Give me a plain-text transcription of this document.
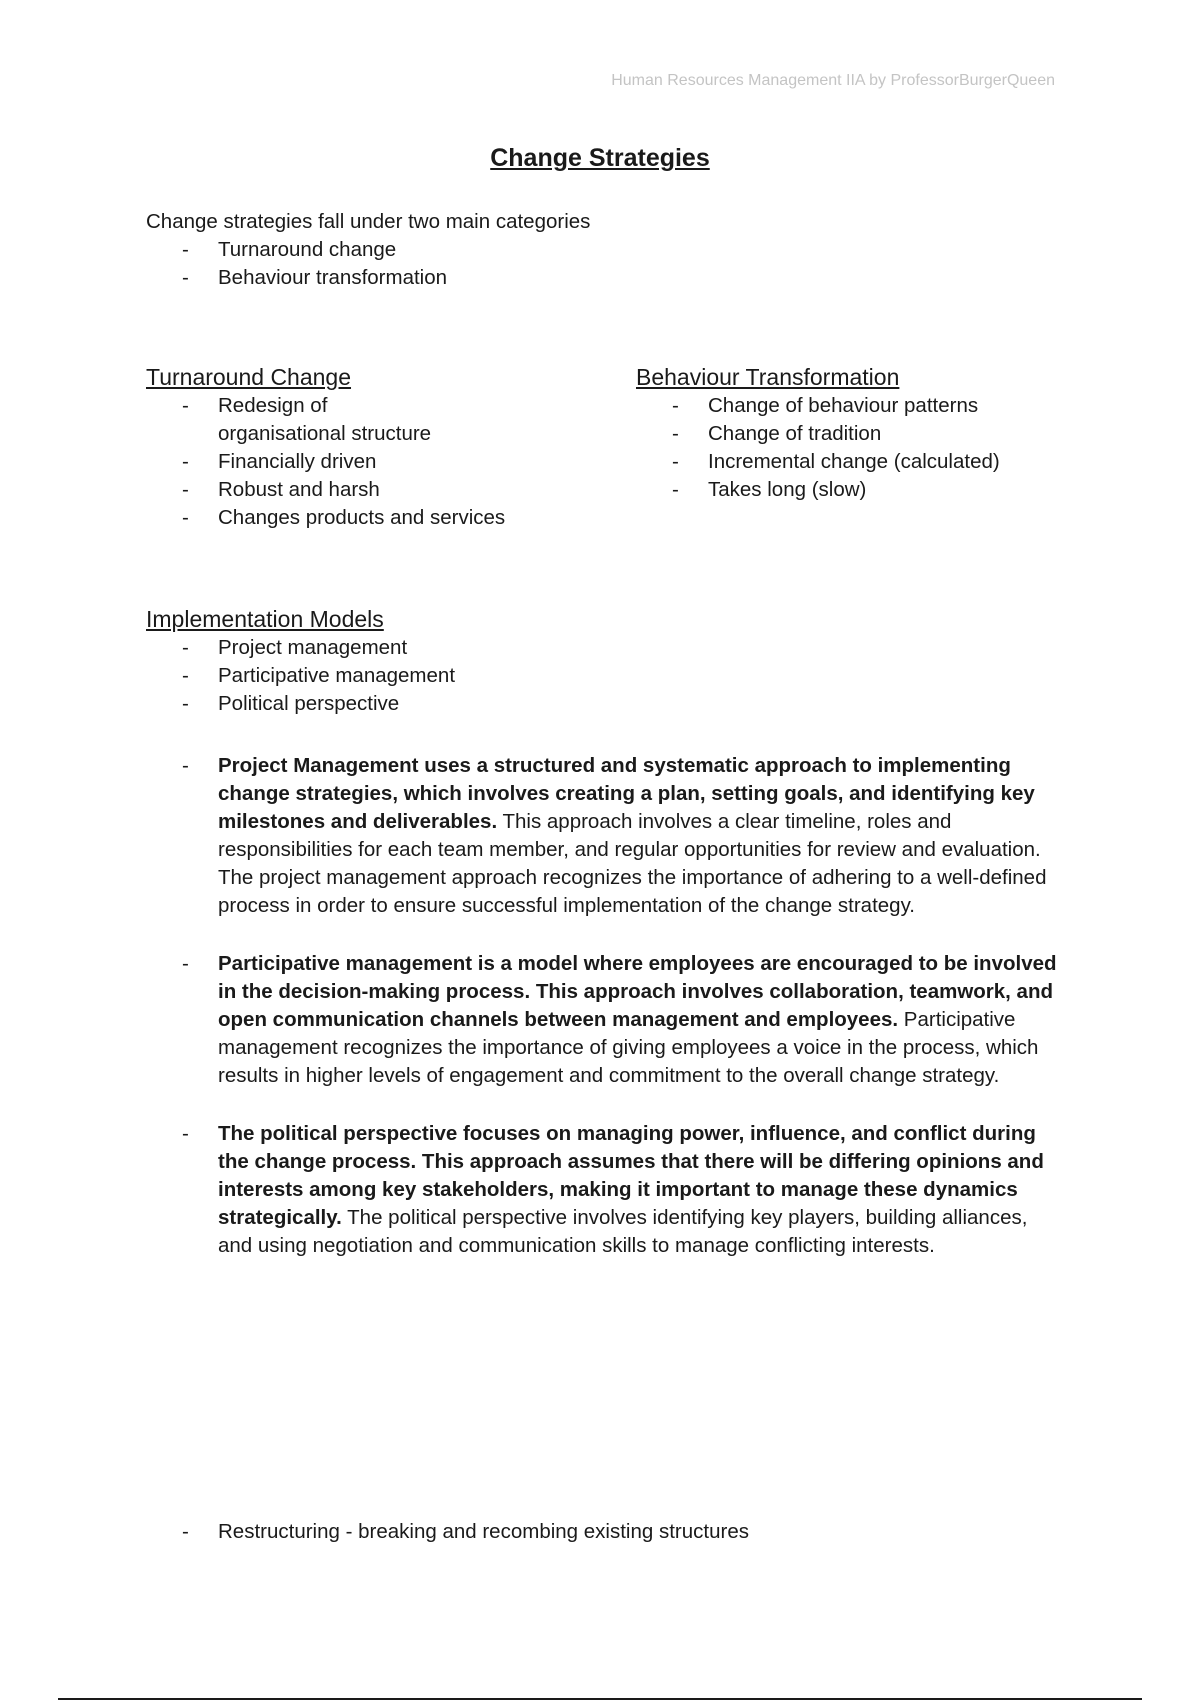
Human Resources Management IIA by ProfessorBurgerQueen
Change Strategies
Change strategies fall under two main categories
- Turnaround change
- Behaviour transformation
Turnaround Change
- Redesign of organisational structure
- Financially driven
- Robust and harsh
- Changes products and services
Behaviour Transformation
- Change of behaviour patterns
- Change of tradition
- Incremental change (calculated)
- Takes long (slow)
Implementation Models
- Project management
- Participative management
- Political perspective
- Project Management uses a structured and systematic approach to implementing change strategies, which involves creating a plan, setting goals, and identifying key milestones and deliverables. This approach involves a clear timeline, roles and responsibilities for each team member, and regular opportunities for review and evaluation. The project management approach recognizes the importance of adhering to a well-defined process in order to ensure successful implementation of the change strategy.
- Participative management is a model where employees are encouraged to be involved in the decision-making process. This approach involves collaboration, teamwork, and open communication channels between management and employees. Participative management recognizes the importance of giving employees a voice in the process, which results in higher levels of engagement and commitment to the overall change strategy.
- The political perspective focuses on managing power, influence, and conflict during the change process. This approach assumes that there will be differing opinions and interests among key stakeholders, making it important to manage these dynamics strategically. The political perspective involves identifying key players, building alliances, and using negotiation and communication skills to manage conflicting interests.
- Restructuring - breaking and recombing existing structures
